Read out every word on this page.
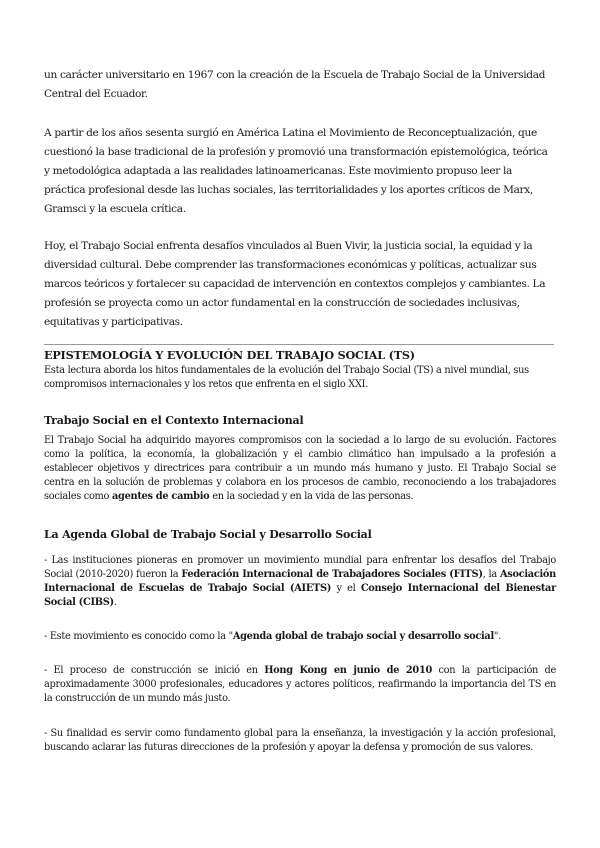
un carácter universitario en 1967 con la creación de la Escuela de Trabajo Social de la Universidad Central del Ecuador.

A partir de los años sesenta surgió en América Latina el Movimiento de Reconceptualización, que cuestionó la base tradicional de la profesión y promovió una transformación epistemológica, teórica y metodológica adaptada a las realidades latinoamericanas. Este movimiento propuso leer la práctica profesional desde las luchas sociales, las territorialidades y los aportes críticos de Marx, Gramsci y la escuela crítica.

Hoy, el Trabajo Social enfrenta desafíos vinculados al Buen Vivir, la justicia social, la equidad y la diversidad cultural. Debe comprender las transformaciones económicas y políticas, actualizar sus marcos teóricos y fortalecer su capacidad de intervención en contextos complejos y cambiantes. La profesión se proyecta como un actor fundamental en la construcción de sociedades inclusivas, equitativas y participativas.

EPISTEMOLOGÍA Y EVOLUCIÓN DEL TRABAJO SOCIAL (TS)

Esta lectura aborda los hitos fundamentales de la evolución del Trabajo Social (TS) a nivel mundial, sus compromisos internacionales y los retos que enfrenta en el siglo XXI.

Trabajo Social en el Contexto Internacional

El Trabajo Social ha adquirido mayores compromisos con la sociedad a lo largo de su evolución. Factores como la política, la economía, la globalización y el cambio climático han impulsado a la profesión a establecer objetivos y directrices para contribuir a un mundo más humano y justo. El Trabajo Social se centra en la solución de problemas y colabora en los procesos de cambio, reconociendo a los trabajadores sociales como agentes de cambio en la sociedad y en la vida de las personas.

La Agenda Global de Trabajo Social y Desarrollo Social

- Las instituciones pioneras en promover un movimiento mundial para enfrentar los desafíos del Trabajo Social (2010-2020) fueron la Federación Internacional de Trabajadores Sociales (FITS), la Asociación Internacional de Escuelas de Trabajo Social (AIETS) y el Consejo Internacional del Bienestar Social (CIBS).

- Este movimiento es conocido como la "Agenda global de trabajo social y desarrollo social".

- El proceso de construcción se inició en Hong Kong en junio de 2010 con la participación de aproximadamente 3000 profesionales, educadores y actores políticos, reafirmando la importancia del TS en la construcción de un mundo más justo.

- Su finalidad es servir como fundamento global para la enseñanza, la investigación y la acción profesional, buscando aclarar las futuras direcciones de la profesión y apoyar la defensa y promoción de sus valores.
